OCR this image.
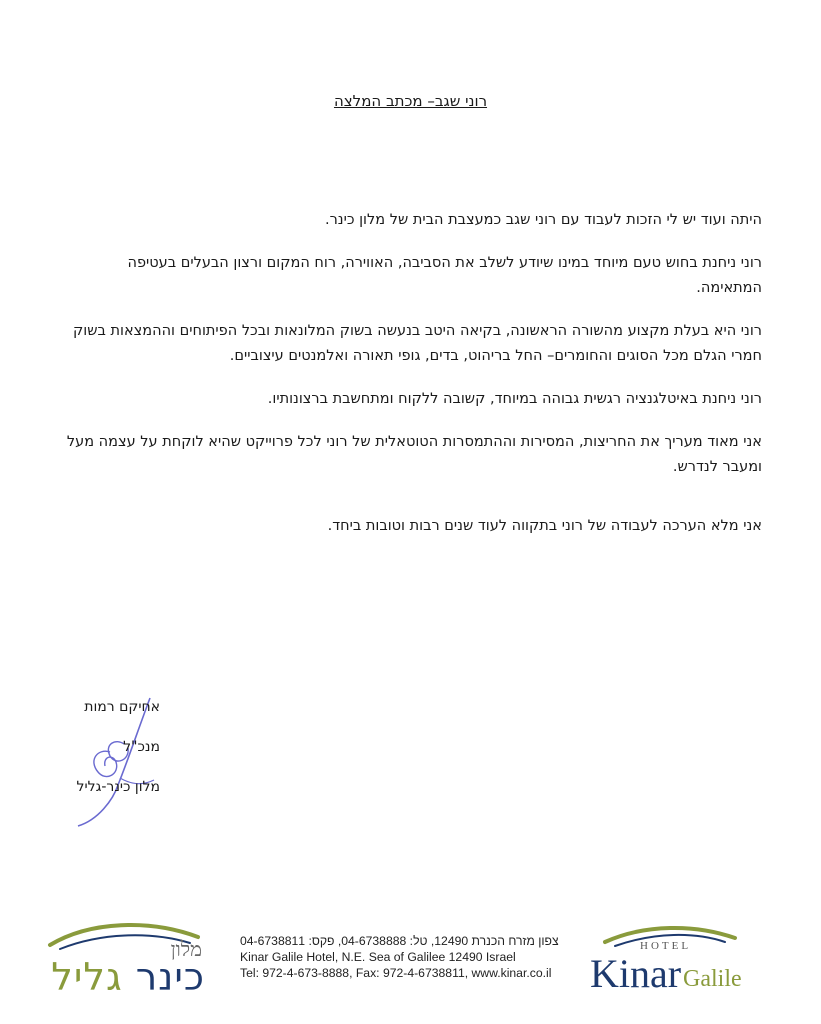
רוני שגב– מכתב המלצה

היתה ועוד יש לי הזכות לעבוד עם רוני שגב כמעצבת הבית של מלון כינר.

רוני ניחנת בחוש טעם מיוחד במינו שיודע לשלב את הסביבה, האווירה, רוח המקום ורצון הבעלים בעטיפה המתאימה.

רוני היא בעלת מקצוע מהשורה הראשונה, בקיאה היטב בנעשה בשוק המלונאות ובכל הפיתוחים וההמצאות בשוק חמרי הגלם מכל הסוגים והחומרים– החל בריהוט, בדים, גופי תאורה ואלמנטים עיצוביים.

רוני ניחנת באיטלגנציה רגשית גבוהה במיוחד, קשובה ללקוח ומתחשבת ברצונותיו.

אני מאוד מעריך את החריצות, המסירות וההתמסרות הטוטאלית של רוני לכל פרוייקט שהיא לוקחת על עצמה מעל ומעבר לנדרש.

אני מלא הערכה לעבודה של רוני בתקווה לעוד שנים רבות וטובות ביחד.

אחיקם רמות
מנכ"ל
מלון כינר-גליל
מלון
כינר גליל
צפון מזרח הכנרת 12490, טל: 04-6738888, פקס: 04-6738811
Kinar Galile Hotel, N.E. Sea of Galilee 12490 Israel
Tel: 972-4-673-8888, Fax: 972-4-6738811, www.kinar.co.il
HOTEL
Kinar Galile
